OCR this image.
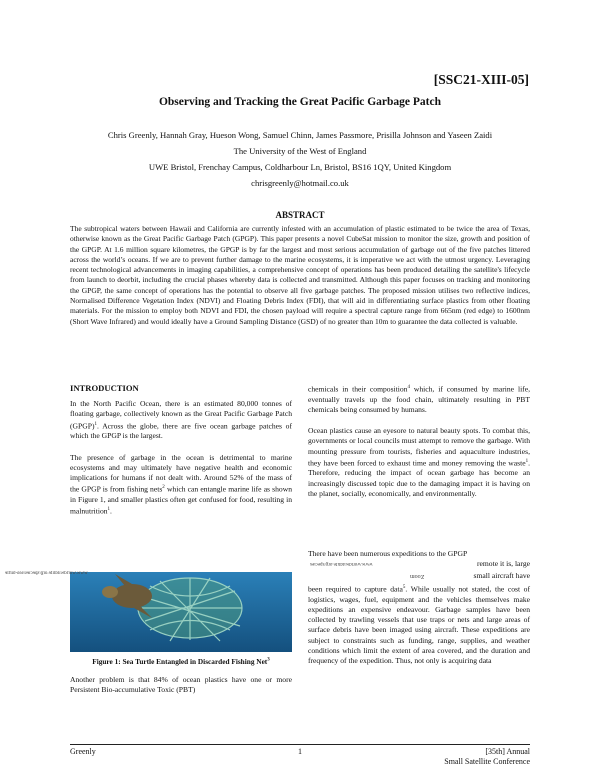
[SSC21-XIII-05]
Observing and Tracking the Great Pacific Garbage Patch
Chris Greenly, Hannah Gray, Hueson Wong, Samuel Chinn, James Passmore, Prisilla Johnson and Yaseen Zaidi
The University of the West of England
UWE Bristol, Frenchay Campus, Coldharbour Ln, Bristol, BS16 1QY, United Kingdom
chrisgreenly@hotmail.co.uk
ABSTRACT
The subtropical waters between Hawaii and California are currently infested with an accumulation of plastic estimated to be twice the area of Texas, otherwise known as the Great Pacific Garbage Patch (GPGP). This paper presents a novel CubeSat mission to monitor the size, growth and position of the GPGP. At 1.6 million square kilometres, the GPGP is by far the largest and most serious accumulation of garbage out of the five patches littered across the world’s oceans. If we are to prevent further damage to the marine ecosystems, it is imperative we act with the utmost urgency. Leveraging recent technological advancements in imaging capabilities, a comprehensive concept of operations has been produced detailing the satellite's lifecycle from launch to deorbit, including the crucial phases whereby data is collected and transmitted. Although this paper focuses on tracking and monitoring the GPGP, the same concept of operations has the potential to observe all five garbage patches. The proposed mission utilises two reflective indices, Normalised Difference Vegetation Index (NDVI) and Floating Debris Index (FDI), that will aid in differentiating surface plastics from other floating materials. For the mission to employ both NDVI and FDI, the chosen payload will require a spectral capture range from 665nm (red edge) to 1600nm (Short Wave Infrared) and would ideally have a Ground Sampling Distance (GSD) of no greater than 10m to guarantee the data collected is valuable.

INTRODUCTION

In the North Pacific Ocean, there is an estimated 80,000 tonnes of floating garbage, collectively known as the Great Pacific Garbage Patch (GPGP)$^1$. Across the globe, there are five ocean garbage patches of which the GPGP is the largest.

The presence of garbage in the ocean is detrimental to marine ecosystems and may ultimately have negative health and economic implications for humans if not dealt with. Around 52% of the mass of the GPGP is from fishing nets$^2$ which can entangle marine life as shown in Figure 1, and smaller plastics often get confused for food, resulting in malnutrition$^1$.

www.worldwildlife.org/species/sea-turtle
Figure 1: Sea Turtle Entangled in Discarded Fishing Net$^3$
Another problem is that 84% of ocean plastics have one or more Persistent Bio-accumulative Toxic (PBT)

chemicals in their composition$^4$ which, if consumed by marine life, eventually travels up the food chain, ultimately resulting in PBT chemicals being consumed by humans.

Ocean plastics cause an eyesore to natural beauty spots. To combat this, governments or local councils must attempt to remove the garbage. With mounting pressure from tourists, fisheries and aquaculture industries, they have been forced to exhaust time and money removing the waste$^1$. Therefore, reducing the impact of ocean garbage has become an increasingly discussed topic due to the damaging impact it is having on the planet, socially, economically, and environmentally.

There have been numerous expeditions to the GPGP

remote it is, large
small aircraft have
www.worldwildlife.org/species
Zoom

been required to capture data$^5$. While usually not stated, the cost of logistics, wages, fuel, equipment and the vehicles themselves make expeditions an expensive endeavour. Garbage samples have been collected by trawling vessels that use traps or nets and large areas of surface debris have been imaged using aircraft. These expeditions are subject to constraints such as funding, range, supplies, and weather conditions which limit the extent of area covered, and the duration and frequency of the expedition. Thus, not only is acquiring data

Greenly	1	[35th] Annual
Small Satellite Conference
